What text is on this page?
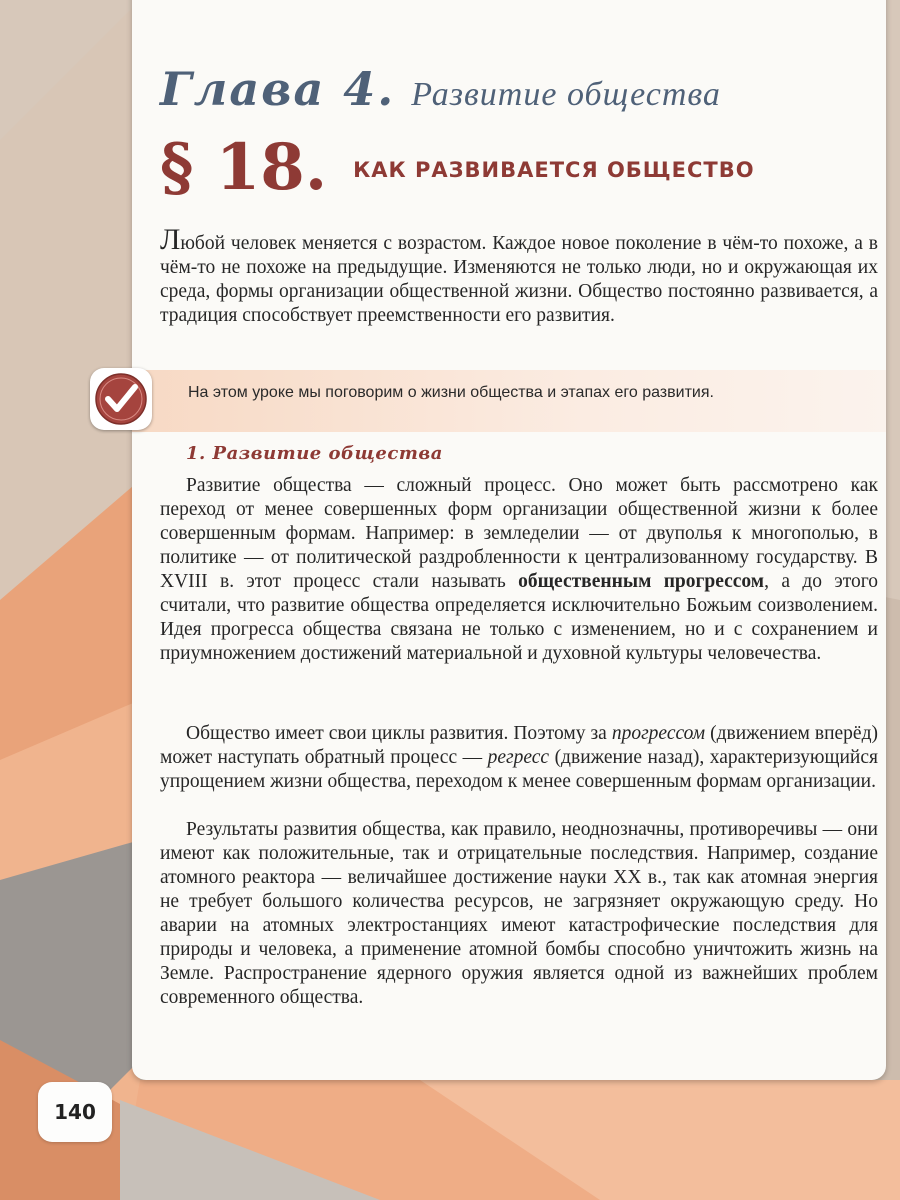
Глава 4. Развитие общества
§ 18. КАК РАЗВИВАЕТСЯ ОБЩЕСТВО

Любой человек меняется с возрастом. Каждое новое поколение в чём-то похоже, а в чём-то не похоже на предыдущие. Изменяются не только люди, но и окружающая их среда, формы организации общественной жизни. Общество постоянно развивается, а традиция способствует преемственности его развития.

На этом уроке мы поговорим о жизни общества и этапах его развития.

1. Развитие общества

Развитие общества — сложный процесс. Оно может быть рассмотрено как переход от менее совершенных форм организации общественной жизни к более совершенным формам. Например: в земледелии — от двуполья к многополью, в политике — от политической раздробленности к централизованному государству. В XVIII в. этот процесс стали называть общественным прогрессом, а до этого считали, что развитие общества определяется исключительно Божьим соизволением. Идея прогресса общества связана не только с изменением, но и с сохранением и приумножением достижений материальной и духовной культуры человечества.

Общество имеет свои циклы развития. Поэтому за прогрессом (движением вперёд) может наступать обратный процесс — регресс (движение назад), характеризующийся упрощением жизни общества, переходом к менее совершенным формам организации.

Результаты развития общества, как правило, неоднозначны, противоречивы — они имеют как положительные, так и отрицательные последствия. Например, создание атомного реактора — величайшее достижение науки XX в., так как атомная энергия не требует большого количества ресурсов, не загрязняет окружающую среду. Но аварии на атомных электростанциях имеют катастрофические последствия для природы и человека, а применение атомной бомбы способно уничтожить жизнь на Земле. Распространение ядерного оружия является одной из важнейших проблем современного общества.

140
